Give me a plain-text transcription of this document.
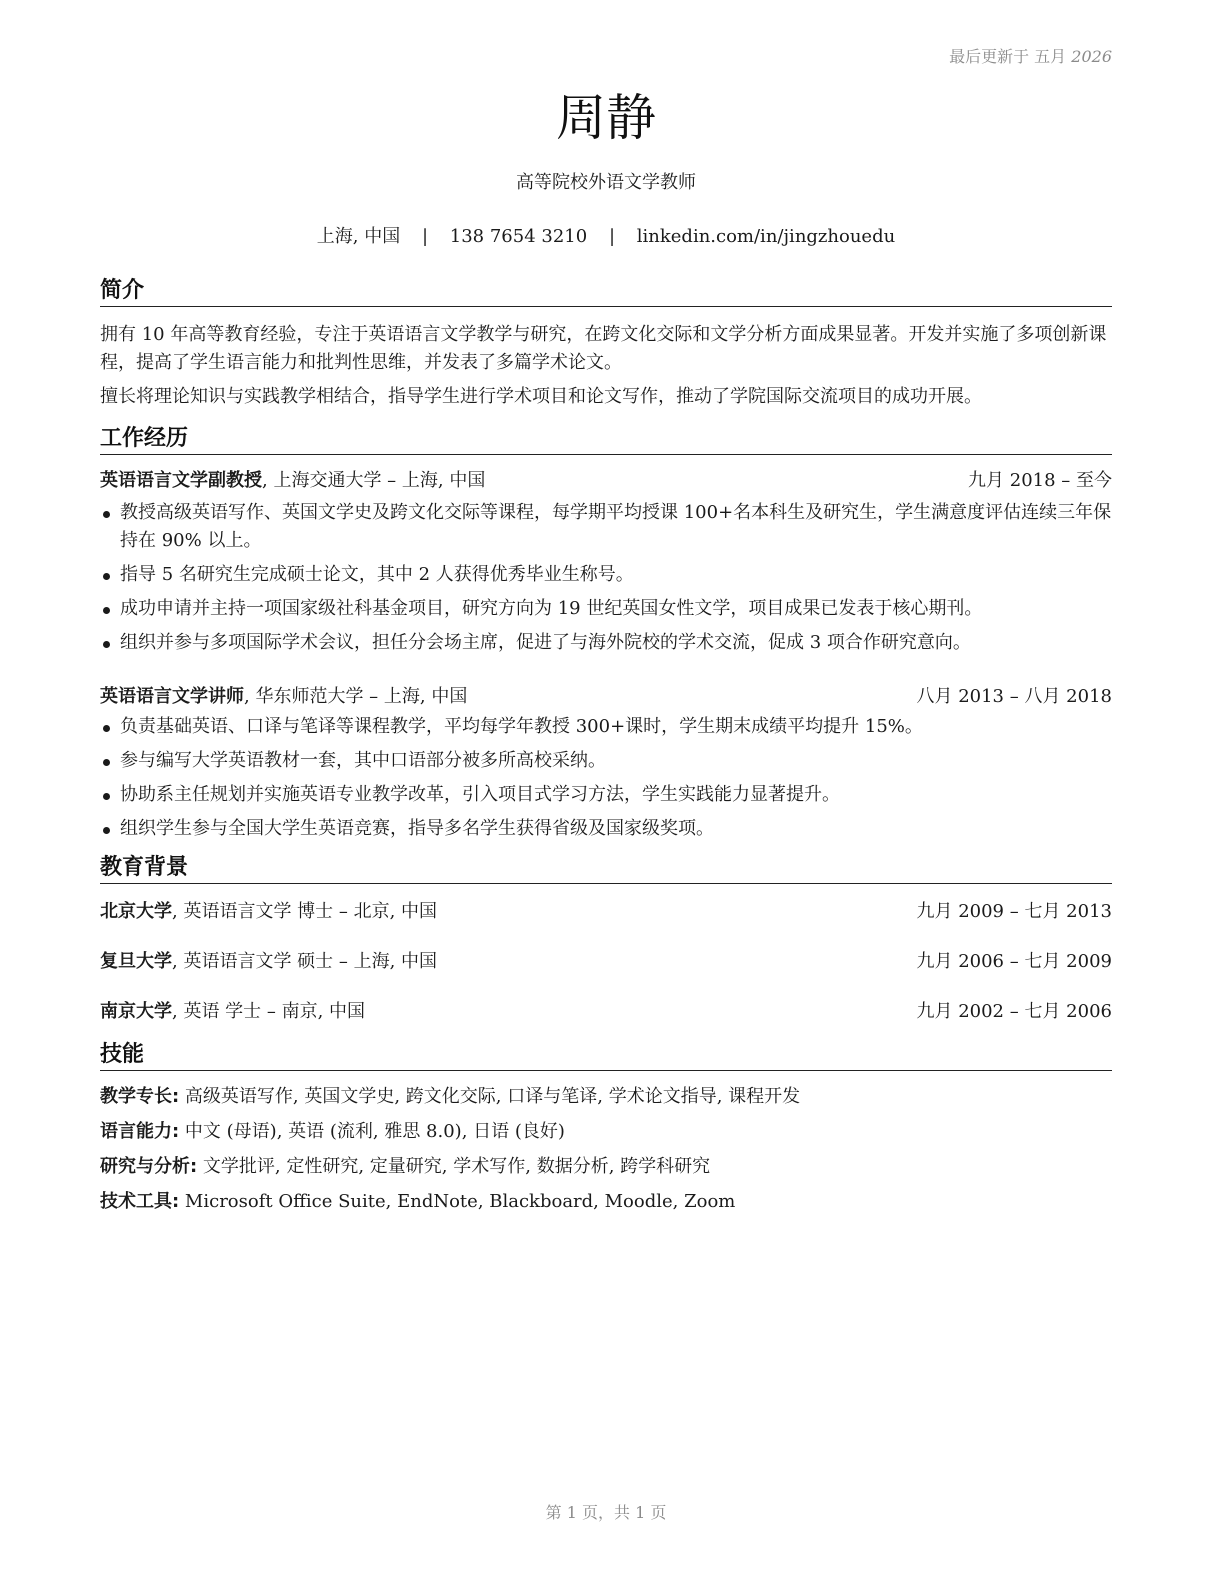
最后更新于 五月 2026
周静
高等院校外语文学教师
上海, 中国 | 138 7654 3210 | linkedin.com/in/jingzhouedu
简介

拥有 10 年高等教育经验，专注于英语语言文学教学与研究，在跨文化交际和文学分析方面成果显著。开发并实施了多项创新课程，提高了学生语言能力和批判性思维，并发表了多篇学术论文。

擅长将理论知识与实践教学相结合，指导学生进行学术项目和论文写作，推动了学院国际交流项目的成功开展。

工作经历
英语语言文学副教授, 上海交通大学 – 上海, 中国	九月 2018 – 至今
教授高级英语写作、英国文学史及跨文化交际等课程，每学期平均授课 100+名本科生及研究生，学生满意度评估连续三年保持在 90% 以上。
指导 5 名研究生完成硕士论文，其中 2 人获得优秀毕业生称号。
成功申请并主持一项国家级社科基金项目，研究方向为 19 世纪英国女性文学，项目成果已发表于核心期刊。
组织并参与多项国际学术会议，担任分会场主席，促进了与海外院校的学术交流，促成 3 项合作研究意向。
英语语言文学讲师, 华东师范大学 – 上海, 中国	八月 2013 – 八月 2018
负责基础英语、口译与笔译等课程教学，平均每学年教授 300+课时，学生期末成绩平均提升 15%。
参与编写大学英语教材一套，其中口语部分被多所高校采纳。
协助系主任规划并实施英语专业教学改革，引入项目式学习方法，学生实践能力显著提升。
组织学生参与全国大学生英语竞赛，指导多名学生获得省级及国家级奖项。
教育背景
北京大学, 英语语言文学 博士 – 北京, 中国	九月 2009 – 七月 2013
复旦大学, 英语语言文学 硕士 – 上海, 中国	九月 2006 – 七月 2009
南京大学, 英语 学士 – 南京, 中国	九月 2002 – 七月 2006
技能

教学专长: 高级英语写作, 英国文学史, 跨文化交际, 口译与笔译, 学术论文指导, 课程开发

语言能力: 中文 (母语), 英语 (流利, 雅思 8.0), 日语 (良好)

研究与分析: 文学批评, 定性研究, 定量研究, 学术写作, 数据分析, 跨学科研究

技术工具: Microsoft Office Suite, EndNote, Blackboard, Moodle, Zoom

第 1 页，共 1 页
